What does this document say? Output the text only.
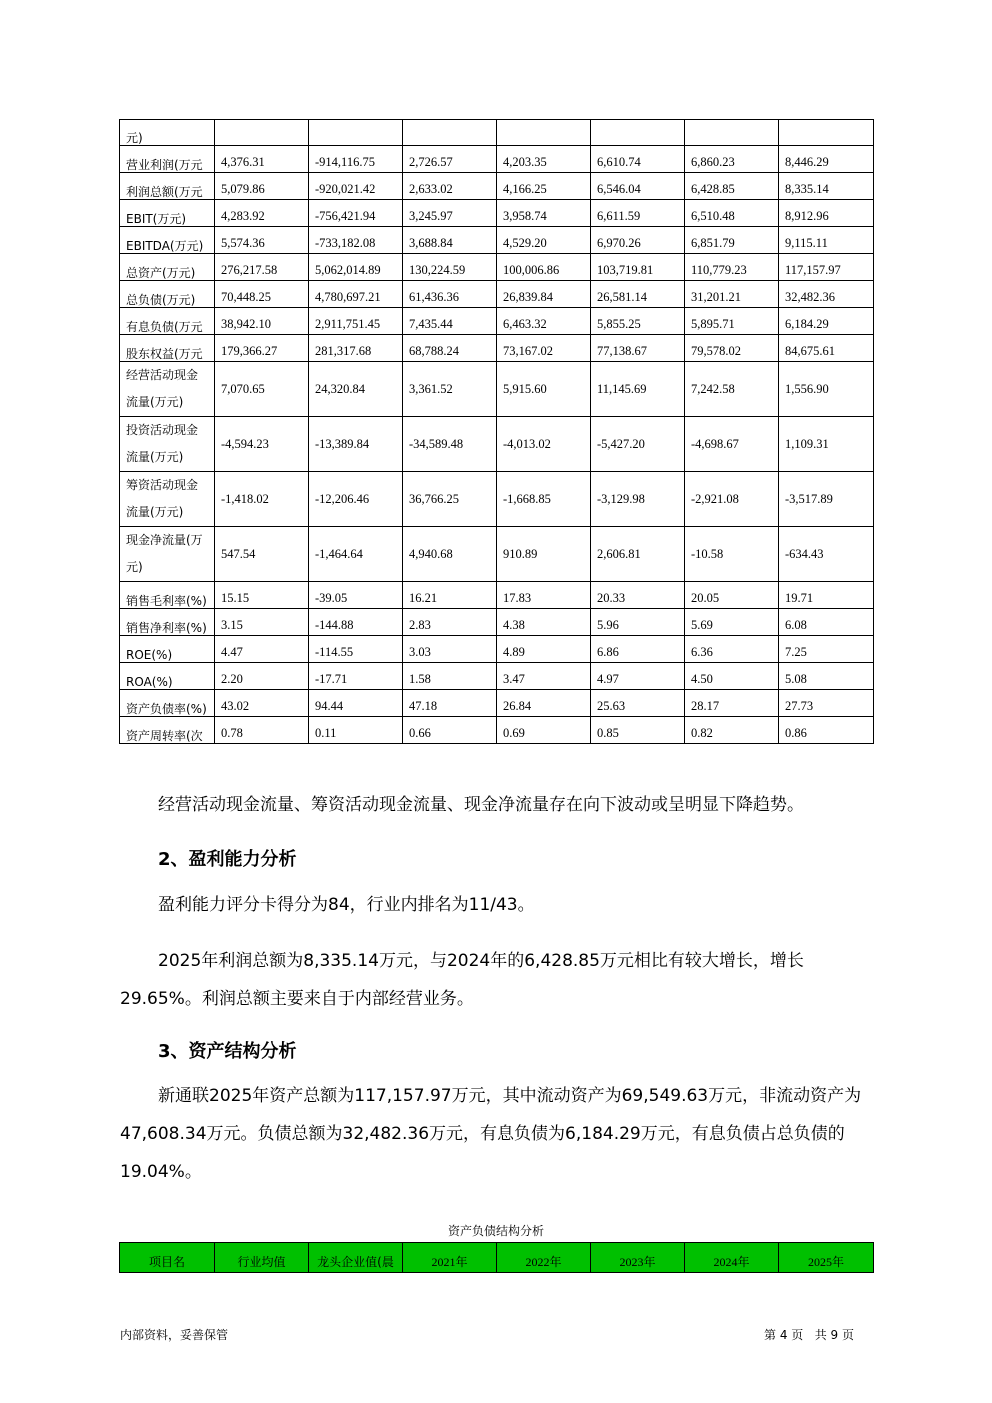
元)							
营业利润(万元	4,376.31	-914,116.75	2,726.57	4,203.35	6,610.74	6,860.23	8,446.29
利润总额(万元	5,079.86	-920,021.42	2,633.02	4,166.25	6,546.04	6,428.85	8,335.14
EBIT(万元)	4,283.92	-756,421.94	3,245.97	3,958.74	6,611.59	6,510.48	8,912.96
EBITDA(万元)	5,574.36	-733,182.08	3,688.84	4,529.20	6,970.26	6,851.79	9,115.11
总资产(万元)	276,217.58	5,062,014.89	130,224.59	100,006.86	103,719.81	110,779.23	117,157.97
总负债(万元)	70,448.25	4,780,697.21	61,436.36	26,839.84	26,581.14	31,201.21	32,482.36
有息负债(万元	38,942.10	2,911,751.45	7,435.44	6,463.32	5,855.25	5,895.71	6,184.29
股东权益(万元	179,366.27	281,317.68	68,788.24	73,167.02	77,138.67	79,578.02	84,675.61

经营活动现金
流量(万元)	7,070.65	24,320.84	3,361.52	5,915.60	11,145.69	7,242.58	1,556.90

投资活动现金
流量(万元)	-4,594.23	-13,389.84	-34,589.48	-4,013.02	-5,427.20	-4,698.67	1,109.31

筹资活动现金
流量(万元)	-1,418.02	-12,206.46	36,766.25	-1,668.85	-3,129.98	-2,921.08	-3,517.89

现金净流量(万
元)	547.54	-1,464.64	4,940.68	910.89	2,606.81	-10.58	-634.43
销售毛利率(%)	15.15	-39.05	16.21	17.83	20.33	20.05	19.71
销售净利率(%)	3.15	-144.88	2.83	4.38	5.96	5.69	6.08
ROE(%)	4.47	-114.55	3.03	4.89	6.86	6.36	7.25
ROA(%)	2.20	-17.71	1.58	3.47	4.97	4.50	5.08
资产负债率(%)	43.02	94.44	47.18	26.84	25.63	28.17	27.73
资产周转率(次	0.78	0.11	0.66	0.69	0.85	0.82	0.86

经营活动现金流量、筹资活动现金流量、现金净流量存在向下波动或呈明显下降趋势。

2、盈利能力分析

盈利能力评分卡得分为84，行业内排名为11/43。

2025年利润总额为8,335.14万元，与2024年的6,428.85万元相比有较大增长，增长29.65%。利润总额主要来自于内部经营业务。

3、资产结构分析

新通联2025年资产总额为117,157.97万元，其中流动资产为69,549.63万元，非流动资产为47,608.34万元。负债总额为32,482.36万元，有息负债为6,184.29万元，有息负债占总负债的19.04%。

资产负债结构分析
项目名	行业均值	龙头企业值(晨	2021年	2022年	2023年	2024年	2025年
内部资料，妥善保管	第 4 页   共 9 页
